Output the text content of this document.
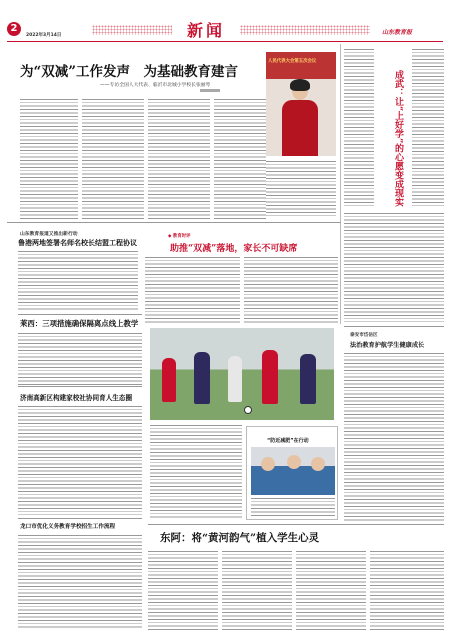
2
2022年3月14日	新闻	山东教育报
为“双减”工作发声　为基础教育建言
——专访全国人大代表、临沂市北城小学校长张丽琴
人民代表大会第五次会议
成武：让“上好学”的心愿变成现实
山东教育报道又推出新行动
鲁港两地签署名师名校长结盟工程协议
◆ 教育时评
助推“双减”落地，家长不可缺席
莱西：三项措施确保隔离点线上教学
泰安市岱岳区
法治教育护航学生健康成长
济南高新区构建家校社协同育人生态圈
“防近减肥”在行动
龙口市优化义务教育学校招生工作流程
东阿：将“黄河韵气”植入学生心灵
